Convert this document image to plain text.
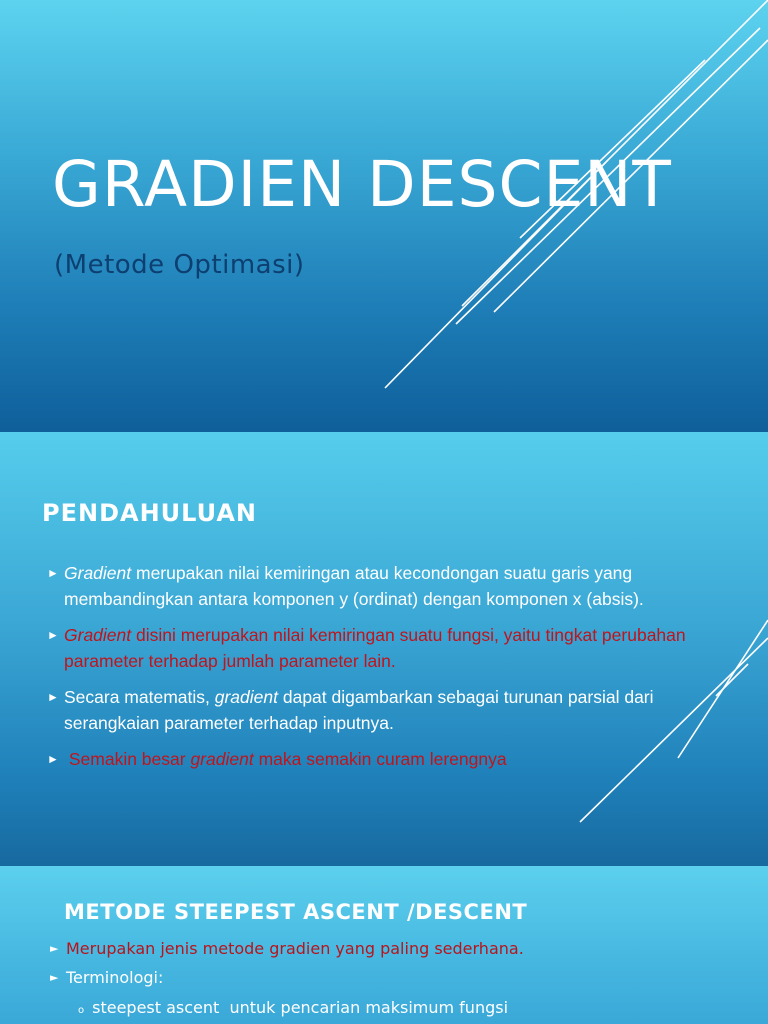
GRADIEN DESCENT
(Metode Optimasi)
PENDAHULUAN
► Gradient merupakan nilai kemiringan atau kecondongan suatu garis yang membandingkan antara komponen y (ordinat) dengan komponen x (absis).
► Gradient disini merupakan nilai kemiringan suatu fungsi, yaitu tingkat perubahan parameter terhadap jumlah parameter lain.
► Secara matematis, gradient dapat digambarkan sebagai turunan parsial dari serangkaian parameter terhadap inputnya.
► Semakin besar gradient maka semakin curam lerengnya
METODE STEEPEST ASCENT /DESCENT
► Merupakan jenis metode gradien yang paling sederhana.
► Terminologi:
o steepest ascent  untuk pencarian maksimum fungsi
